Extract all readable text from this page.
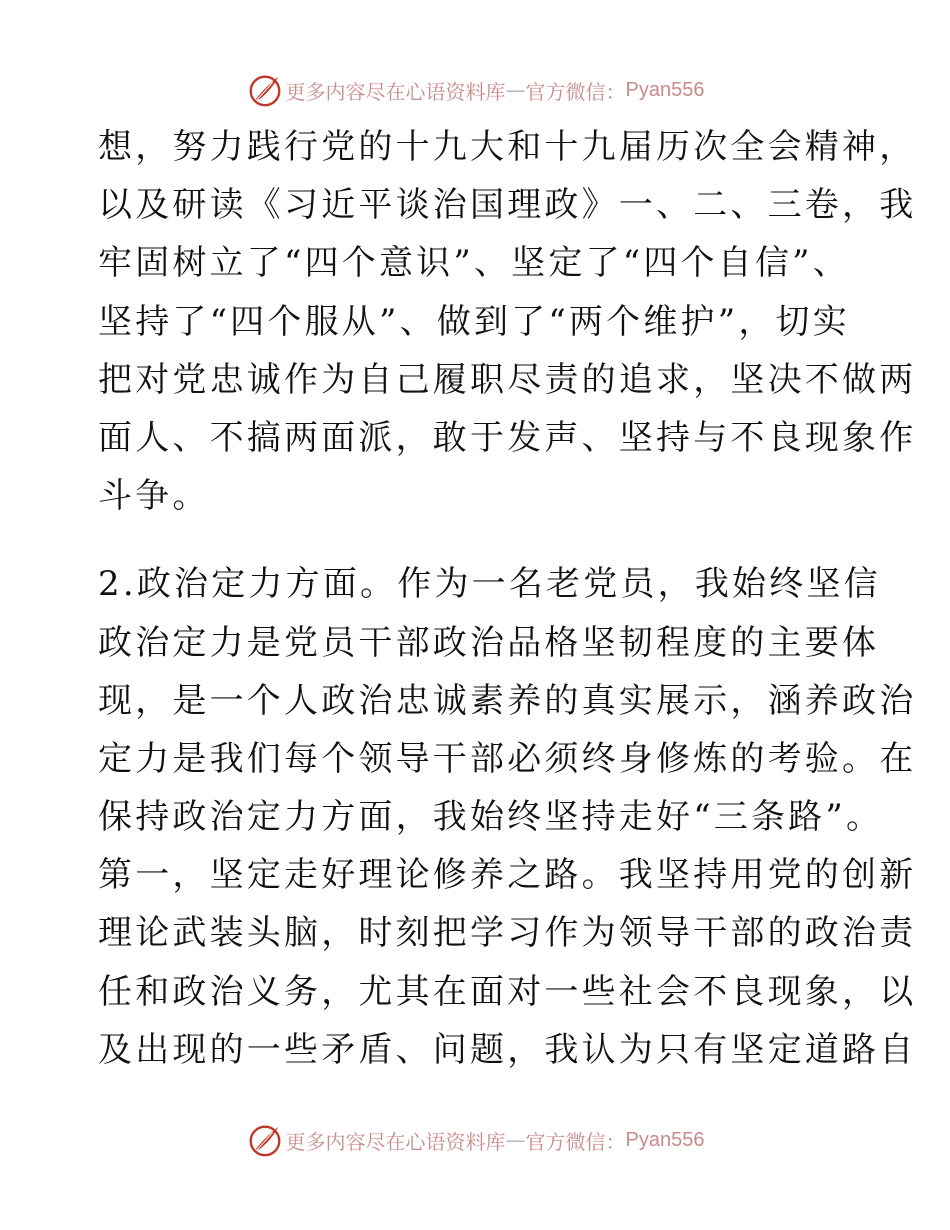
更多内容尽在心语资料库 — 官方微信： Pyan556
想，努力践行党的十九大和十九届历次全会精神，
以及研读《习近平谈治国理政》一、二、三卷，我
牢固树立了“四个意识”、坚定了“四个自信”、
坚持了“四个服从”、做到了“两个维护”，切实
把对党忠诚作为自己履职尽责的追求，坚决不做两
面人、不搞两面派，敢于发声、坚持与不良现象作
斗争。
2.政治定力方面。作为一名老党员，我始终坚信
政治定力是党员干部政治品格坚韧程度的主要体
现，是一个人政治忠诚素养的真实展示，涵养政治
定力是我们每个领导干部必须终身修炼的考验。在
保持政治定力方面，我始终坚持走好“三条路”。
第一，坚定走好理论修养之路。我坚持用党的创新
理论武装头脑，时刻把学习作为领导干部的政治责
任和政治义务，尤其在面对一些社会不良现象，以
及出现的一些矛盾、问题，我认为只有坚定道路自
更多内容尽在心语资料库 — 官方微信： Pyan556
